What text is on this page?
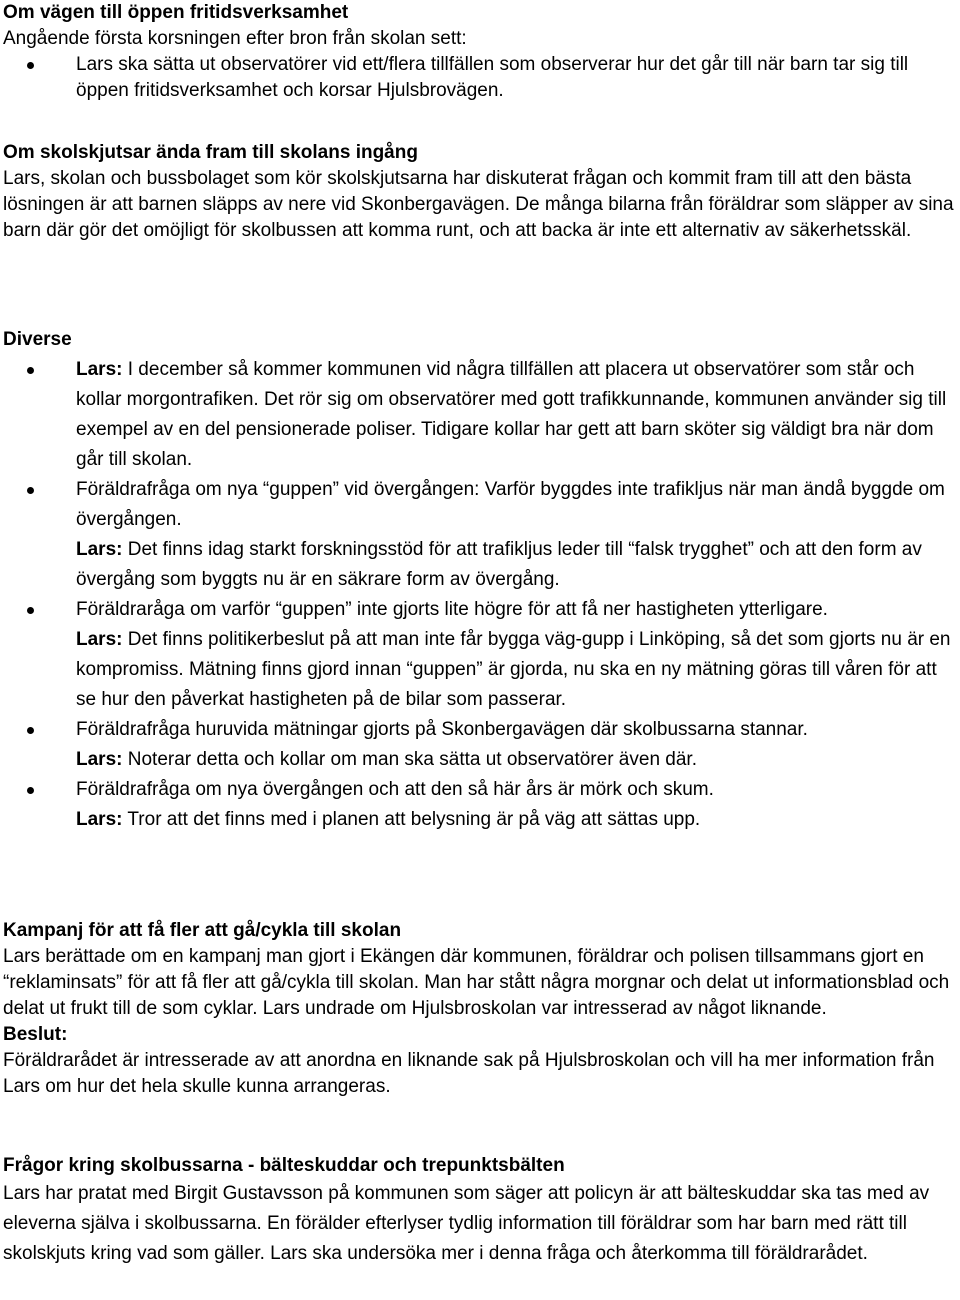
Om vägen till öppen fritidsverksamhet
Angående första korsningen efter bron från skolan sett:
Lars ska sätta ut observatörer vid ett/flera tillfällen som observerar hur det går till när barn tar sig till öppen fritidsverksamhet och korsar Hjulsbrovägen.
Om skolskjutsar ända fram till skolans ingång
Lars, skolan och bussbolaget som kör skolskjutsarna har diskuterat frågan och kommit fram till att den bästa lösningen är att barnen släpps av nere vid Skonbergavägen. De många bilarna från föräldrar som släpper av sina barn där gör det omöjligt för skolbussen att komma runt, och att backa är inte ett alternativ av säkerhetsskäl.
Diverse
Lars: I december så kommer kommunen vid några tillfällen att placera ut observatörer som står och kollar morgontrafiken. Det rör sig om observatörer med gott trafikkunnande, kommunen använder sig till exempel av en del pensionerade poliser. Tidigare kollar har gett att barn sköter sig väldigt bra när dom går till skolan.
Föräldrafråga om nya “guppen” vid övergången: Varför byggdes inte trafikljus när man ändå byggde om övergången.
Lars: Det finns idag starkt forskningsstöd för att trafikljus leder till “falsk trygghet” och att den form av övergång som byggts nu är en säkrare form av övergång.
Föräldraråga om varför “guppen” inte gjorts lite högre för att få ner hastigheten ytterligare.
Lars: Det finns politikerbeslut på att man inte får bygga väg-gupp i Linköping, så det som gjorts nu är en kompromiss. Mätning finns gjord innan “guppen” är gjorda, nu ska en ny mätning göras till våren för att se hur den påverkat hastigheten på de bilar som passerar.
Föräldrafråga huruvida mätningar gjorts på Skonbergavägen där skolbussarna stannar.
Lars: Noterar detta och kollar om man ska sätta ut observatörer även där.
Föräldrafråga om nya övergången och att den så här års är mörk och skum.
Lars: Tror att det finns med i planen att belysning är på väg att sättas upp.
Kampanj för att få fler att gå/cykla till skolan
Lars berättade om en kampanj man gjort i Ekängen där kommunen, föräldrar och polisen tillsammans gjort en “reklaminsats” för att få fler att gå/cykla till skolan. Man har stått några morgnar och delat ut informationsblad och delat ut frukt till de som cyklar. Lars undrade om Hjulsbroskolan var intresserad av något liknande.
Beslut:
Föräldrarådet är intresserade av att anordna en liknande sak på Hjulsbroskolan och vill ha mer information från Lars om hur det hela skulle kunna arrangeras.
Frågor kring skolbussarna - bälteskuddar och trepunktsbälten
Lars har pratat med Birgit Gustavsson på kommunen som säger att policyn är att bälteskuddar ska tas med av eleverna själva i skolbussarna. En förälder efterlyser tydlig information till föräldrar som har barn med rätt till skolskjuts kring vad som gäller. Lars ska undersöka mer i denna fråga och återkomma till föräldrarådet.
